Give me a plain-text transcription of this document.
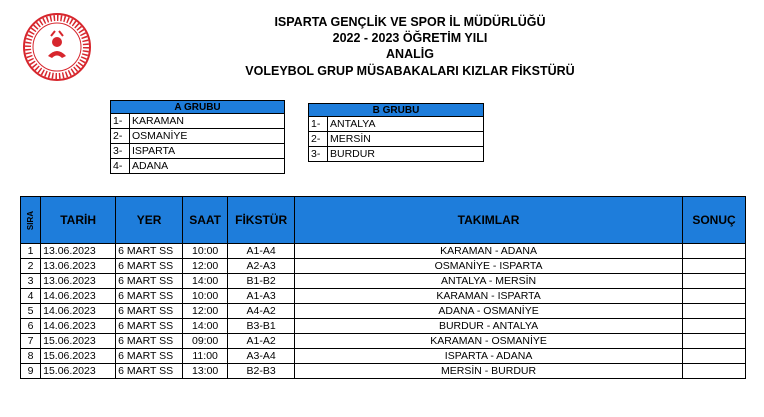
ISPARTA GENÇLİK VE SPOR İL MÜDÜRLÜĞÜ
2022 - 2023 ÖĞRETİM YILI
ANALİG
VOLEYBOL GRUP MÜSABAKALARI KIZLAR FİKSTÜRÜ
A GRUBU	
1-	KARAMAN
2-	OSMANİYE
3-	ISPARTA
4-	ADANA
B GRUBU	
1-	ANTALYA
2-	MERSİN
3-	BURDUR
SIRA	TARİH	YER	SAAT	FİKSTÜR	TAKIMLAR	SONUÇ
1	13.06.2023	6 MART SS	10:00	A1-A4	KARAMAN - ADANA	
2	13.06.2023	6 MART SS	12:00	A2-A3	OSMANİYE - ISPARTA	
3	13.06.2023	6 MART SS	14:00	B1-B2	ANTALYA - MERSİN	
4	14.06.2023	6 MART SS	10:00	A1-A3	KARAMAN - ISPARTA	
5	14.06.2023	6 MART SS	12:00	A4-A2	ADANA - OSMANİYE	
6	14.06.2023	6 MART SS	14:00	B3-B1	BURDUR - ANTALYA	
7	15.06.2023	6 MART SS	09:00	A1-A2	KARAMAN - OSMANİYE	
8	15.06.2023	6 MART SS	11:00	A3-A4	ISPARTA - ADANA	
9	15.06.2023	6 MART SS	13:00	B2-B3	MERSİN - BURDUR	
